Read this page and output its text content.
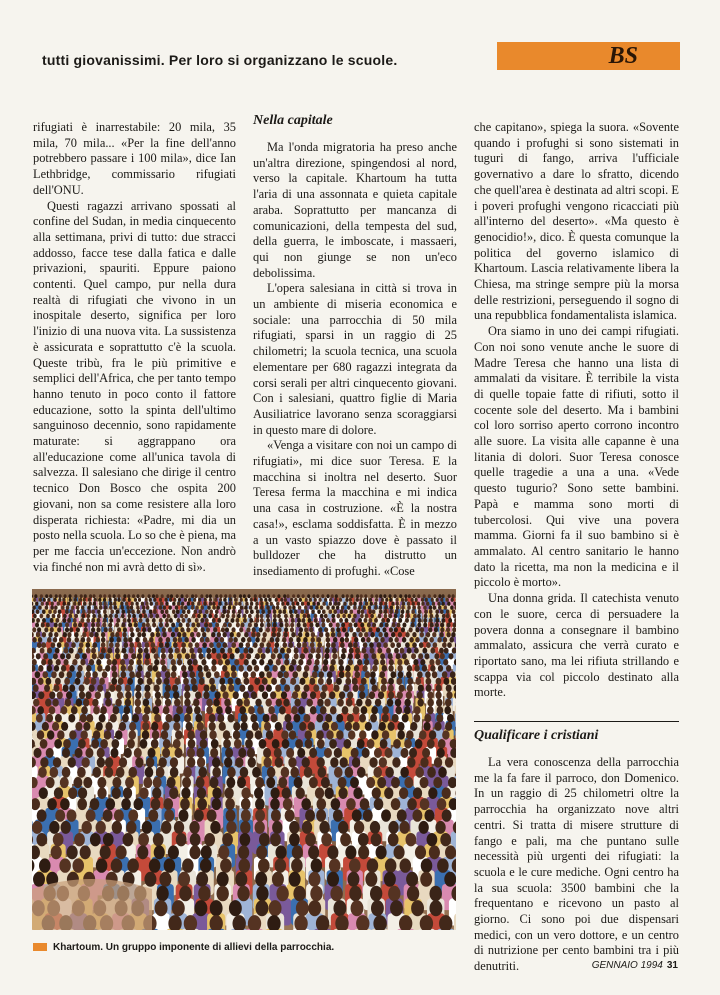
tutti giovanissimi. Per loro si organizzano le scuole.	BS

rifugiati è inarrestabile: 20 mila, 35 mila, 70 mila... «Per la fine dell'anno potrebbero passare i 100 mila», dice Ian Lethbridge, commissario rifugiati dell'ONU.

Questi ragazzi arrivano spossati al confine del Sudan, in media cinquecento alla settimana, privi di tutto: due stracci addosso, facce tese dalla fatica e dalle privazioni, spauriti. Eppure paiono contenti. Quel campo, pur nella dura realtà di rifugiati che vivono in un inospitale deserto, significa per loro l'inizio di una nuova vita. La sussistenza è assicurata e soprattutto c'è la scuola. Queste tribù, fra le più primitive e semplici dell'Africa, che per tanto tempo hanno tenuto in poco conto il fattore educazione, sotto la spinta dell'ultimo sanguinoso decennio, sono rapidamente maturate: si aggrappano ora all'educazione come all'unica tavola di salvezza. Il salesiano che dirige il centro tecnico Don Bosco che ospita 200 giovani, non sa come resistere alla loro disperata richiesta: «Padre, mi dia un posto nella scuola. Lo so che è piena, ma per me faccia un'eccezione. Non andrò via finché non mi avrà detto di sì».

Nella capitale

Ma l'onda migratoria ha preso anche un'altra direzione, spingendosi al nord, verso la capitale. Khartoum ha tutta l'aria di una assonnata e quieta capitale araba. Soprattutto per mancanza di comunicazioni, della tempesta del sud, della guerra, le imboscate, i massaeri, qui non giunge se non un'eco debolissima.

L'opera salesiana in città si trova in un ambiente di miseria economica e sociale: una parrocchia di 50 mila rifugiati, sparsi in un raggio di 25 chilometri; la scuola tecnica, una scuola elementare per 680 ragazzi integrata da corsi serali per altri cinquecento giovani. Con i salesiani, quattro figlie di Maria Ausiliatrice lavorano senza scoraggiarsi in questo mare di dolore.

«Venga a visitare con noi un campo di rifugiati», mi dice suor Teresa. E la macchina si inoltra nel deserto. Suor Teresa ferma la macchina e mi indica una casa in costruzione. «È la nostra casa!», esclama soddisfatta. È in mezzo a un vasto spiazzo dove è passato il bulldozer che ha distrutto un insediamento di profughi. «Cose

che capitano», spiega la suora. «Sovente quando i profughi si sono sistemati in tuguri di fango, arriva l'ufficiale governativo a dare lo sfratto, dicendo che quell'area è destinata ad altri scopi. E i poveri profughi vengono ricacciati più all'interno del deserto». «Ma questo è genocidio!», dico. È questa comunque la politica del governo islamico di Khartoum. Lascia relativamente libera la Chiesa, ma stringe sempre più la morsa delle restrizioni, perseguendo il sogno di una repubblica fondamentalista islamica.

Ora siamo in uno dei campi rifugiati. Con noi sono venute anche le suore di Madre Teresa che hanno una lista di ammalati da visitare. È terribile la vista di quelle topaie fatte di rifiuti, sotto il cocente sole del deserto. Ma i bambini col loro sorriso aperto corrono incontro alle suore. La visita alle capanne è una litania di dolori. Suor Teresa conosce quelle tragedie a una a una. «Vede questo tugurio? Sono sette bambini. Papà e mamma sono morti di tubercolosi. Qui vive una povera mamma. Giorni fa il suo bambino si è ammalato. Al centro sanitario le hanno dato la ricetta, ma non la medicina e il piccolo è morto».

Una donna grida. Il catechista venuto con le suore, cerca di persuadere la povera donna a consegnare il bambino ammalato, assicura che verrà curato e riportato sano, ma lei rifiuta strillando e scappa via col piccolo destinato alla morte.

Qualificare i cristiani

La vera conoscenza della parrocchia me la fa fare il parroco, don Domenico. In un raggio di 25 chilometri oltre la parrocchia ha organizzato nove altri centri. Si tratta di misere strutture di fango e pali, ma che puntano sulle necessità più urgenti dei rifugiati: la scuola e le cure mediche. Ogni centro ha la sua scuola: 3500 bambini che la frequentano e ricevono un pasto al giorno. Ci sono poi due dispensari medici, con un vero dottore, e un centro di nutrizione per cento bambini tra i più denutriti.

Khartoum. Un gruppo imponente di allievi della parrocchia.
GENNAIO 1994 31
